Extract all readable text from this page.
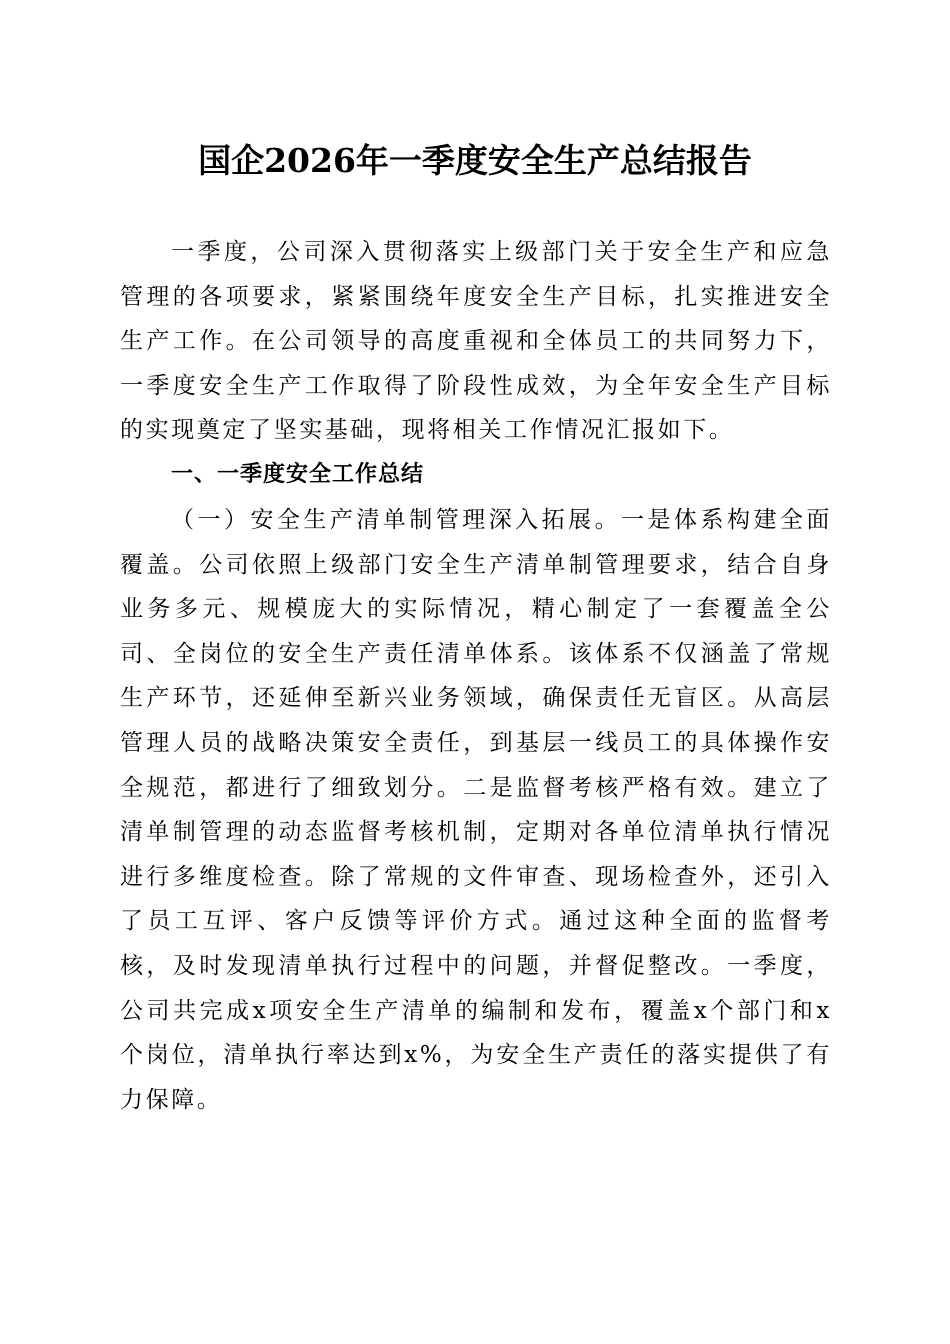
国企2026年一季度安全生产总结报告

一季度，公司深入贯彻落实上级部门关于安全生产和应急管理的各项要求，紧紧围绕年度安全生产目标，扎实推进安全生产工作。在公司领导的高度重视和全体员工的共同努力下，一季度安全生产工作取得了阶段性成效，为全年安全生产目标的实现奠定了坚实基础，现将相关工作情况汇报如下。

一、一季度安全工作总结

（一）安全生产清单制管理深入拓展。一是体系构建全面覆盖。公司依照上级部门安全生产清单制管理要求，结合自身业务多元、规模庞大的实际情况，精心制定了一套覆盖全公司、全岗位的安全生产责任清单体系。该体系不仅涵盖了常规生产环节，还延伸至新兴业务领域，确保责任无盲区。从高层管理人员的战略决策安全责任，到基层一线员工的具体操作安全规范，都进行了细致划分。二是监督考核严格有效。建立了清单制管理的动态监督考核机制，定期对各单位清单执行情况进行多维度检查。除了常规的文件审查、现场检查外，还引入了员工互评、客户反馈等评价方式。通过这种全面的监督考核，及时发现清单执行过程中的问题，并督促整改。一季度，公司共完成x项安全生产清单的编制和发布，覆盖x个部门和x个岗位，清单执行率达到x%，为安全生产责任的落实提供了有力保障。
